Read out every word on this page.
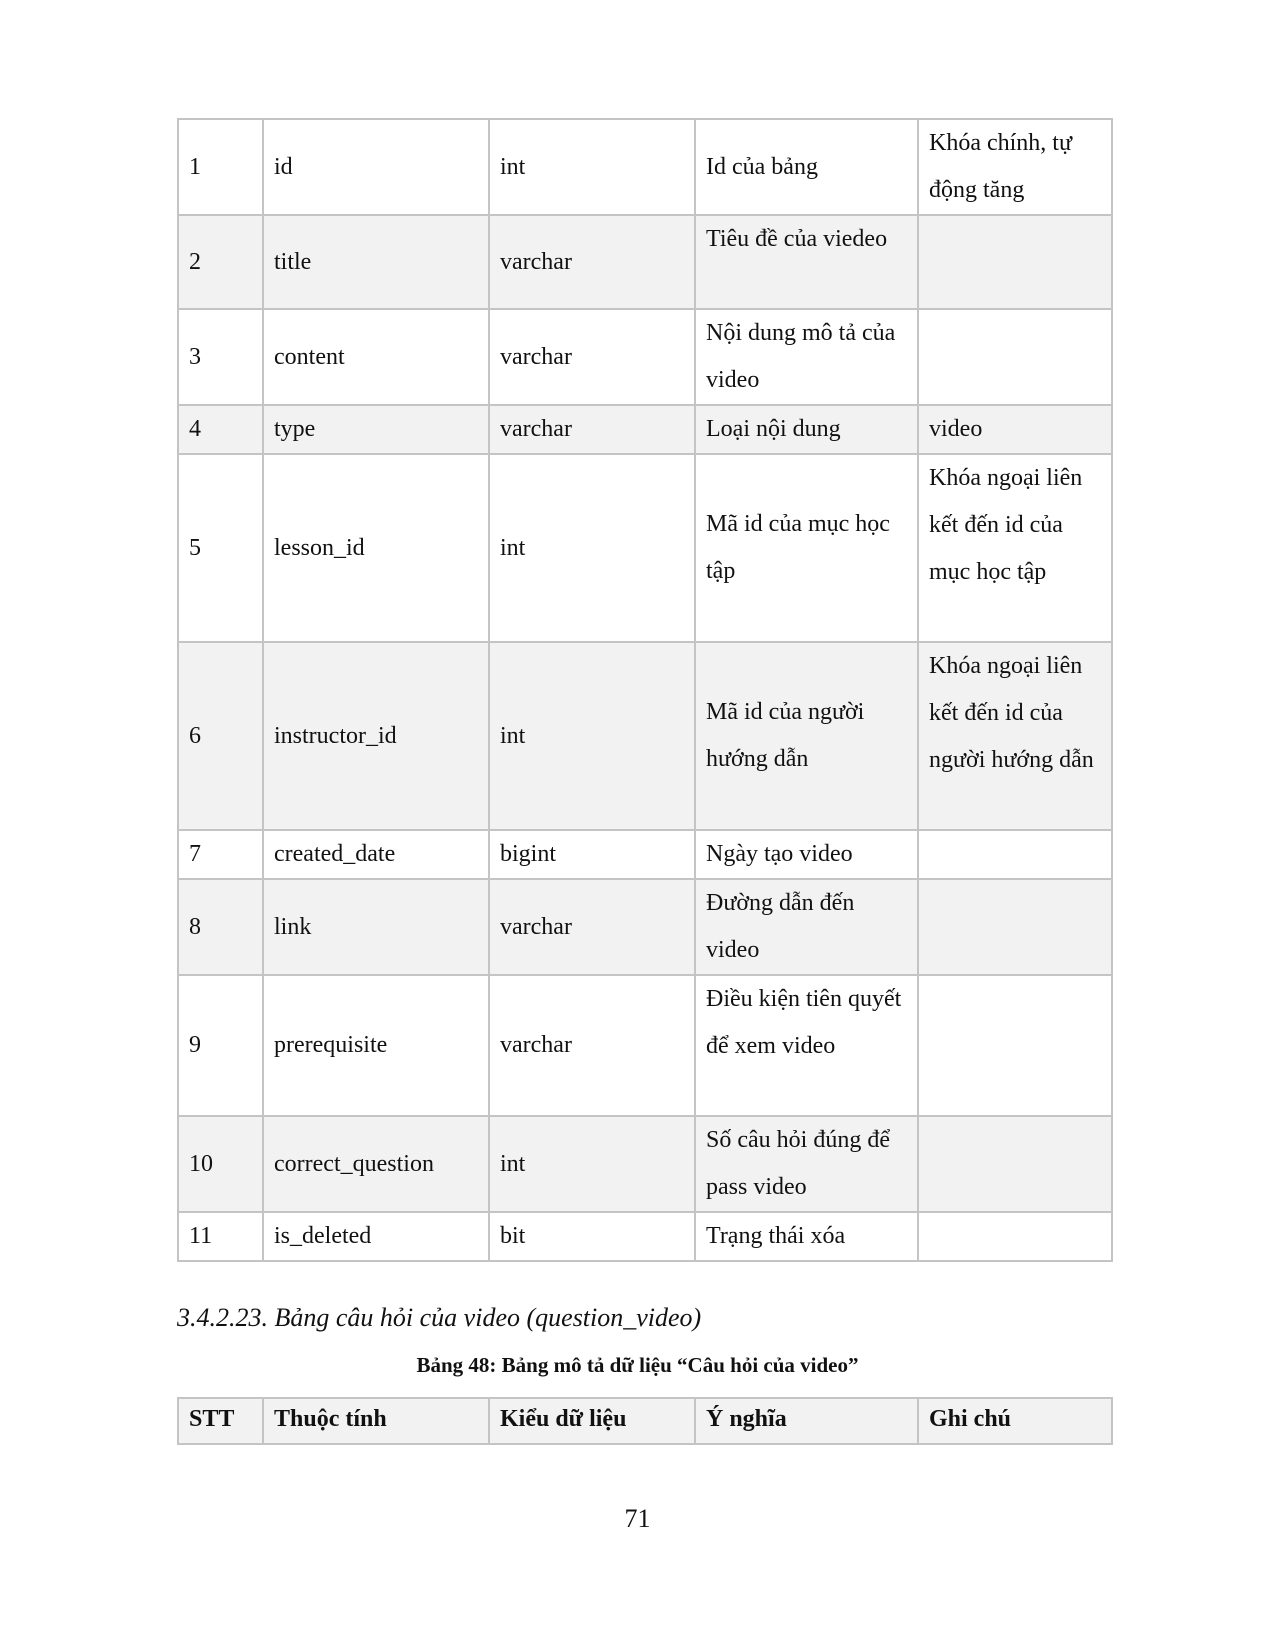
1	id	int	Id của bảng	Khóa chính, tự động tăng
2	title	varchar	Tiêu đề của viedeo	
3	content	varchar	Nội dung mô tả của video	
4	type	varchar	Loại nội dung	video
5	lesson_id	int	Mã id của mục học tập	Khóa ngoại liên kết đến id của mục học tập
6	instructor_id	int	Mã id của người hướng dẫn	Khóa ngoại liên kết đến id của người hướng dẫn
7	created_date	bigint	Ngày tạo video	
8	link	varchar	Đường dẫn đến video	
9	prerequisite	varchar	Điều kiện tiên quyết để xem video	
10	correct_question	int	Số câu hỏi đúng để pass video	
11	is_deleted	bit	Trạng thái xóa	
3.4.2.23. Bảng câu hỏi của video (question_video)
Bảng 48: Bảng mô tả dữ liệu “Câu hỏi của video”
STT	Thuộc tính	Kiểu dữ liệu	Ý nghĩa	Ghi chú
71
